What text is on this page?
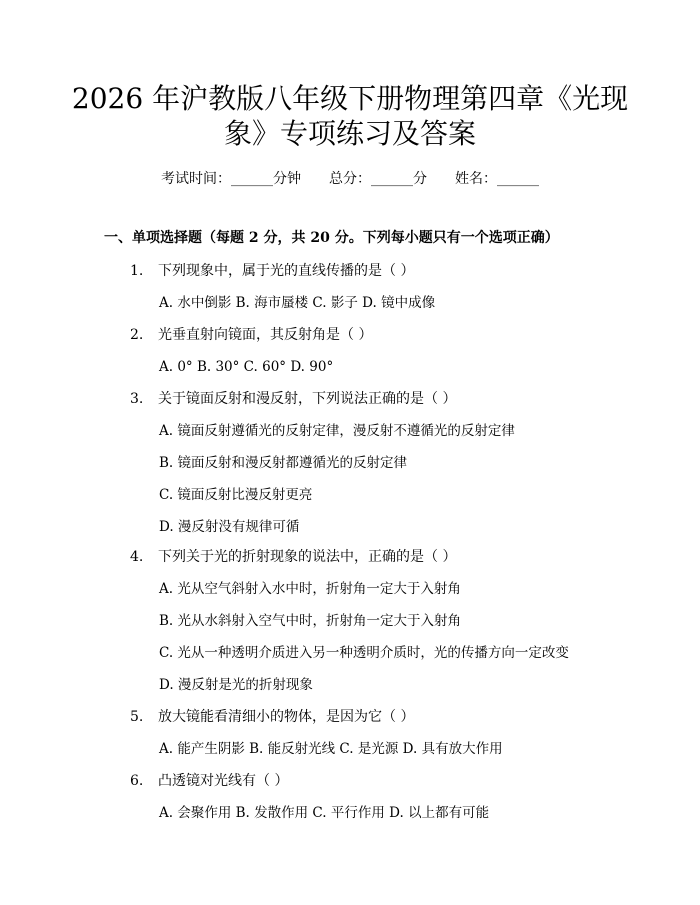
2026 年沪教版八年级下册物理第四章《光现
象》专项练习及答案
考试时间：______分钟 总分：______分 姓名：______
一、单项选择题（每题 2 分，共 20 分。下列每小题只有一个选项正确）
1. 下列现象中，属于光的直线传播的是（ ）
A. 水中倒影 B. 海市蜃楼 C. 影子 D. 镜中成像
2. 光垂直射向镜面，其反射角是（ ）
A. 0° B. 30° C. 60° D. 90°
3. 关于镜面反射和漫反射，下列说法正确的是（ ）
A. 镜面反射遵循光的反射定律，漫反射不遵循光的反射定律
B. 镜面反射和漫反射都遵循光的反射定律
C. 镜面反射比漫反射更亮
D. 漫反射没有规律可循
4. 下列关于光的折射现象的说法中，正确的是（ ）
A. 光从空气斜射入水中时，折射角一定大于入射角
B. 光从水斜射入空气中时，折射角一定大于入射角
C. 光从一种透明介质进入另一种透明介质时，光的传播方向一定改变
D. 漫反射是光的折射现象
5. 放大镜能看清细小的物体，是因为它（ ）
A. 能产生阴影 B. 能反射光线 C. 是光源 D. 具有放大作用
6. 凸透镜对光线有（ ）
A. 会聚作用 B. 发散作用 C. 平行作用 D. 以上都有可能
